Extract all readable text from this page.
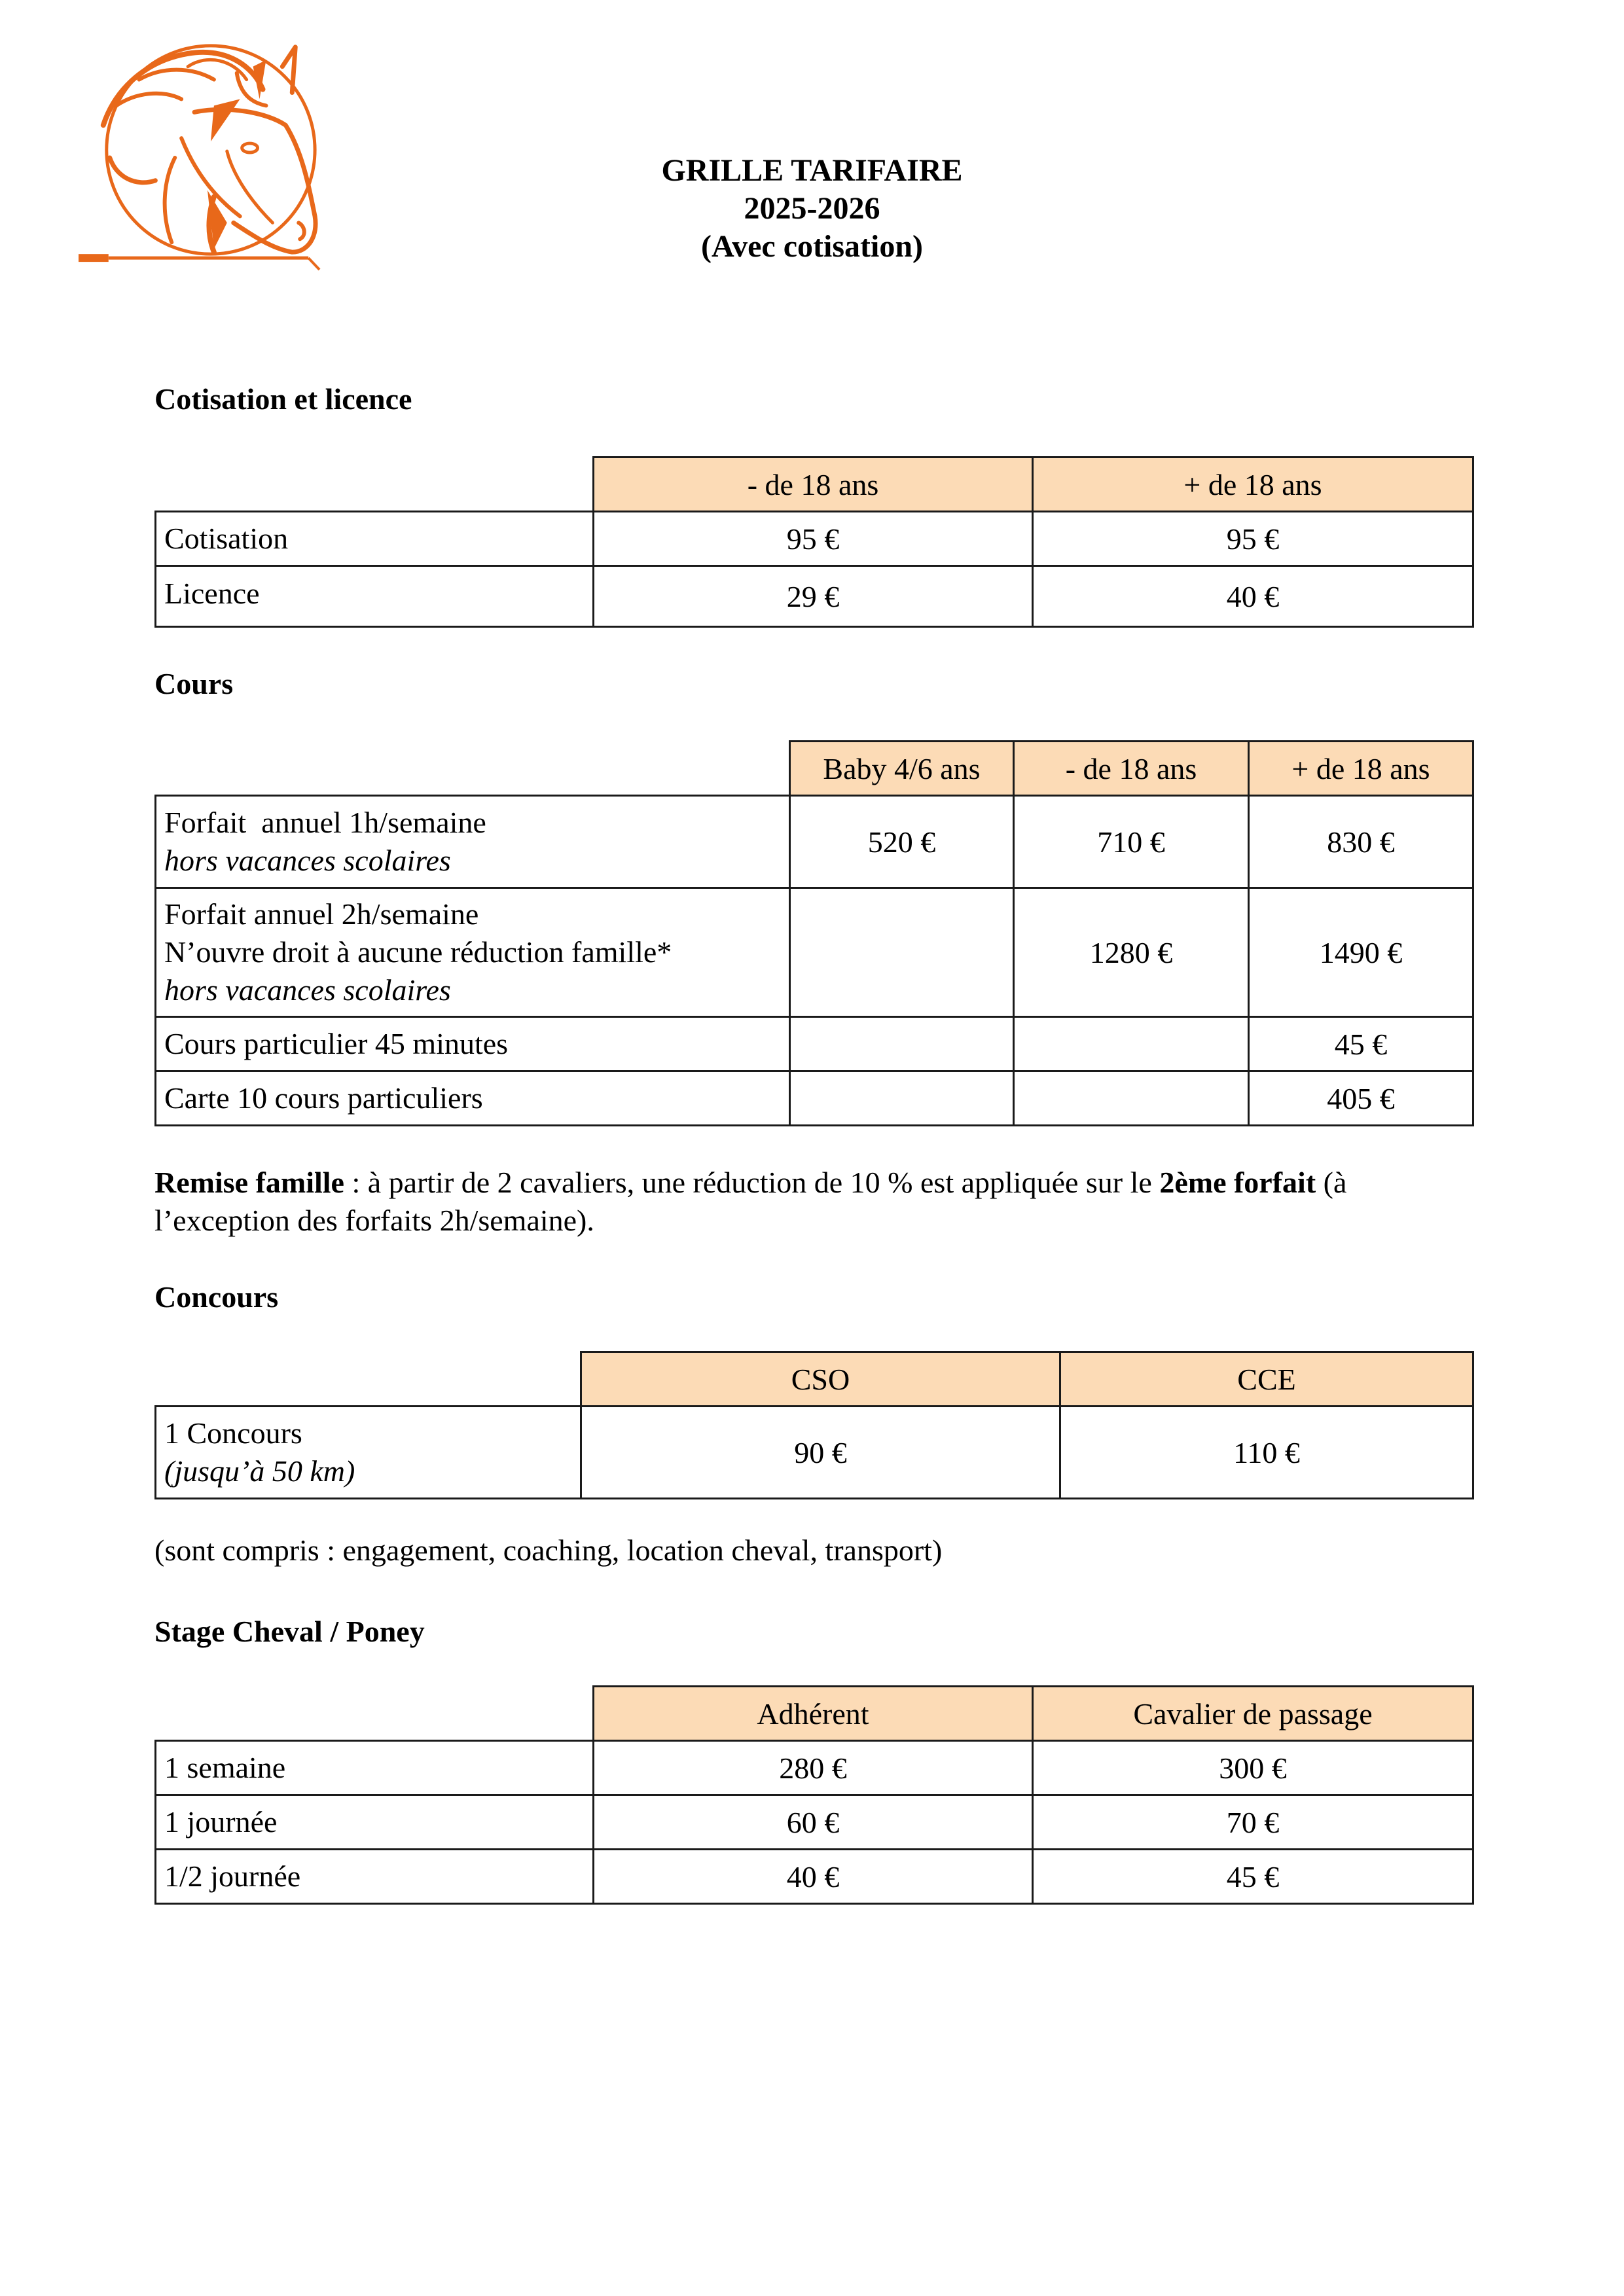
GRILLE TARIFAIRE
2025-2026
(Avec cotisation)
Cotisation et licence
	- de 18 ans	+ de 18 ans
Cotisation	95 €	95 €
Licence	29 €	40 €
Cours
	Baby 4/6 ans	- de 18 ans	+ de 18 ans

Forfait  annuel 1h/semaine
hors vacances scolaires	520 €	710 €	830 €

Forfait annuel 2h/semaine
N’ouvre droit à aucune réduction famille*
hors vacances scolaires		1280 €	1490 €
Cours particulier 45 minutes			45 €
Carte 10 cours particuliers			405 €
Remise famille : à partir de 2 cavaliers, une réduction de 10 % est appliquée sur le 2ème forfait (à l’exception des forfaits 2h/semaine).
Concours
	CSO	CCE

1 Concours
(jusqu’à 50 km)	90 €	110 €
(sont compris : engagement, coaching, location cheval, transport)
Stage Cheval / Poney
	Adhérent	Cavalier de passage
1 semaine	280 €	300 €
1 journée	60 €	70 €
1/2 journée	40 €	45 €
